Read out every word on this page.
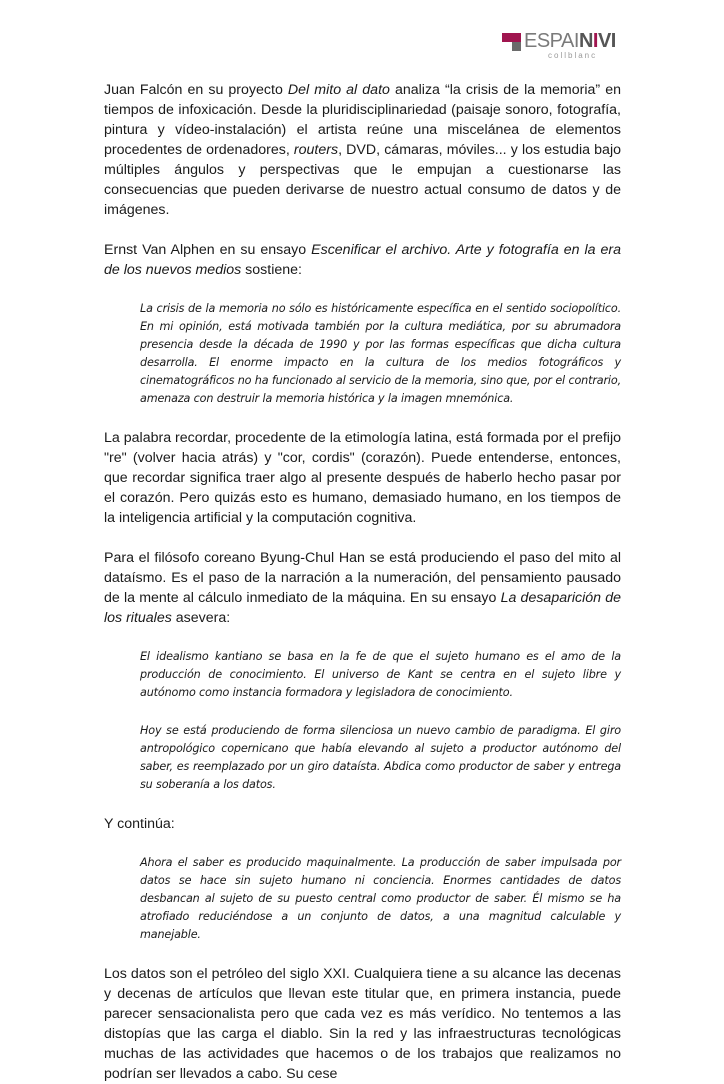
ESPAINIVI
collblanc

Juan Falcón en su proyecto Del mito al dato analiza “la crisis de la memoria” en tiempos de infoxicación. Desde la pluridisciplinariedad (paisaje sonoro, fotografía, pintura y vídeo-instalación) el artista reúne una miscelánea de elementos procedentes de ordenadores, routers, DVD, cámaras, móviles... y los estudia bajo múltiples ángulos y perspectivas que le empujan a cuestionarse las consecuencias que pueden derivarse de nuestro actual consumo de datos y de imágenes.

Ernst Van Alphen en su ensayo Escenificar el archivo. Arte y fotografía en la era de los nuevos medios sostiene:

La crisis de la memoria no sólo es históricamente específica en el sentido sociopolítico. En mi opinión, está motivada también por la cultura mediática, por su abrumadora presencia desde la década de 1990 y por las formas específicas que dicha cultura desarrolla. El enorme impacto en la cultura de los medios fotográficos y cinematográficos no ha funcionado al servicio de la memoria, sino que, por el contrario, amenaza con destruir la memoria histórica y la imagen mnemónica.

La palabra recordar, procedente de la etimología latina, está formada por el prefijo "re" (volver hacia atrás) y "cor, cordis" (corazón). Puede entenderse, entonces, que recordar significa traer algo al presente después de haberlo hecho pasar por el corazón. Pero quizás esto es humano, demasiado humano, en los tiempos de la inteligencia artificial y la computación cognitiva.

Para el filósofo coreano Byung-Chul Han se está produciendo el paso del mito al dataísmo. Es el paso de la narración a la numeración, del pensamiento pausado de la mente al cálculo inmediato de la máquina. En su ensayo La desaparición de los rituales asevera:

El idealismo kantiano se basa en la fe de que el sujeto humano es el amo de la producción de conocimiento. El universo de Kant se centra en el sujeto libre y autónomo como instancia formadora y legisladora de conocimiento.

Hoy se está produciendo de forma silenciosa un nuevo cambio de paradigma. El giro antropológico copernicano que había elevando al sujeto a productor autónomo del saber, es reemplazado por un giro dataísta. Abdica como productor de saber y entrega su soberanía a los datos.

Y continúa:

Ahora el saber es producido maquinalmente. La producción de saber impulsada por datos se hace sin sujeto humano ni conciencia. Enormes cantidades de datos desbancan al sujeto de su puesto central como productor de saber. Él mismo se ha atrofiado reduciéndose a un conjunto de datos, a una magnitud calculable y manejable.

Los datos son el petróleo del siglo XXI. Cualquiera tiene a su alcance las decenas y decenas de artículos que llevan este titular que, en primera instancia, puede parecer sensacionalista pero que cada vez es más verídico. No tentemos a las distopías que las carga el diablo. Sin la red y las infraestructuras tecnológicas muchas de las actividades que hacemos o de los trabajos que realizamos no podrían ser llevados a cabo. Su cese
